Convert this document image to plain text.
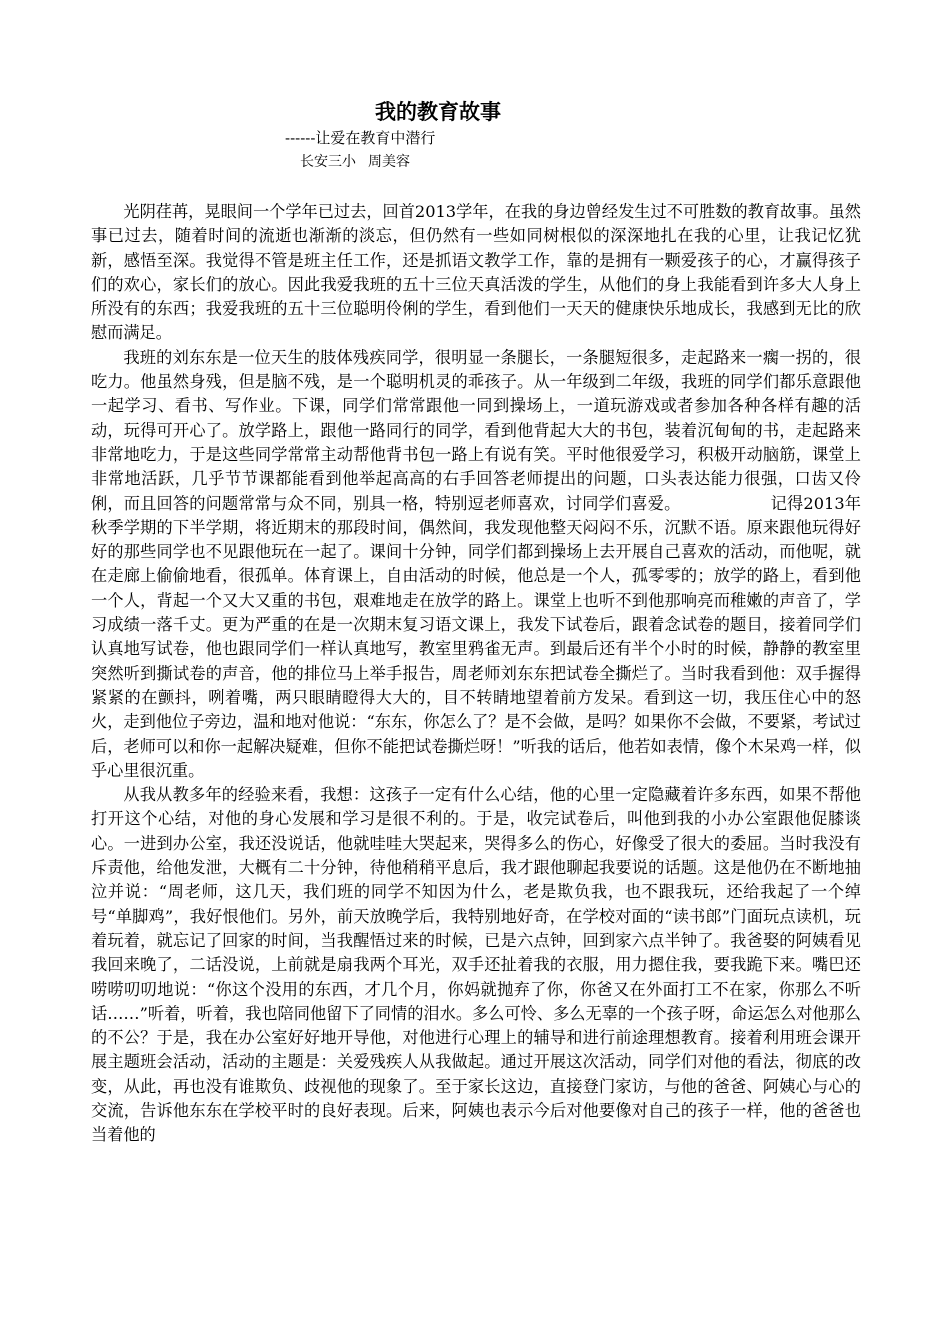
我的教育故事

------让爱在教育中潜行

长安三小 周美容

光阴荏苒，晃眼间一个学年已过去，回首2013学年，在我的身边曾经发生过不可胜数的教育故事。虽然事已过去，随着时间的流逝也渐渐的淡忘，但仍然有一些如同树根似的深深地扎在我的心里，让我记忆犹新，感悟至深。我觉得不管是班主任工作，还是抓语文教学工作，靠的是拥有一颗爱孩子的心，才赢得孩子们的欢心，家长们的放心。因此我爱我班的五十三位天真活泼的学生，从他们的身上我能看到许多大人身上所没有的东西；我爱我班的五十三位聪明伶俐的学生，看到他们一天天的健康快乐地成长，我感到无比的欣慰而满足。

我班的刘东东是一位天生的肢体残疾同学，很明显一条腿长，一条腿短很多，走起路来一瘸一拐的，很吃力。他虽然身残，但是脑不残，是一个聪明机灵的乖孩子。从一年级到二年级，我班的同学们都乐意跟他一起学习、看书、写作业。下课，同学们常常跟他一同到操场上，一道玩游戏或者参加各种各样有趣的活动，玩得可开心了。放学路上，跟他一路同行的同学，看到他背起大大的书包，装着沉甸甸的书，走起路来非常地吃力，于是这些同学常常主动帮他背书包一路上有说有笑。平时他很爱学习，积极开动脑筋，课堂上非常地活跃，几乎节节课都能看到他举起高高的右手回答老师提出的问题，口头表达能力很强，口齿又伶俐，而且回答的问题常常与众不同，别具一格，特别逗老师喜欢，讨同学们喜爱。　　　　　　记得2013年秋季学期的下半学期，将近期末的那段时间，偶然间，我发现他整天闷闷不乐，沉默不语。原来跟他玩得好好的那些同学也不见跟他玩在一起了。课间十分钟，同学们都到操场上去开展自己喜欢的活动，而他呢，就在走廊上偷偷地看，很孤单。体育课上，自由活动的时候，他总是一个人，孤零零的；放学的路上，看到他一个人，背起一个又大又重的书包，艰难地走在放学的路上。课堂上也听不到他那响亮而稚嫩的声音了，学习成绩一落千丈。更为严重的在是一次期末复习语文课上，我发下试卷后，跟着念试卷的题目，接着同学们认真地写试卷，他也跟同学们一样认真地写，教室里鸦雀无声。到最后还有半个小时的时候，静静的教室里突然听到撕试卷的声音，他的排位马上举手报告，周老师刘东东把试卷全撕烂了。当时我看到他：双手握得紧紧的在颤抖，咧着嘴，两只眼睛瞪得大大的，目不转睛地望着前方发呆。看到这一切，我压住心中的怒火，走到他位子旁边，温和地对他说：“东东，你怎么了？是不会做，是吗？如果你不会做，不要紧，考试过后，老师可以和你一起解决疑难，但你不能把试卷撕烂呀！”听我的话后，他若如表情，像个木呆鸡一样，似乎心里很沉重。

从我从教多年的经验来看，我想：这孩子一定有什么心结，他的心里一定隐藏着许多东西，如果不帮他打开这个心结，对他的身心发展和学习是很不利的。于是，收完试卷后，叫他到我的小办公室跟他促膝谈心。一进到办公室，我还没说话，他就哇哇大哭起来，哭得多么的伤心，好像受了很大的委屈。当时我没有斥责他，给他发泄，大概有二十分钟，待他稍稍平息后，我才跟他聊起我要说的话题。这是他仍在不断地抽泣并说：“周老师，这几天，我们班的同学不知因为什么，老是欺负我，也不跟我玩，还给我起了一个绰号“单脚鸡”，我好恨他们。另外，前天放晚学后，我特别地好奇，在学校对面的“读书郎”门面玩点读机，玩着玩着，就忘记了回家的时间，当我醒悟过来的时候，已是六点钟，回到家六点半钟了。我爸娶的阿姨看见我回来晚了，二话没说，上前就是扇我两个耳光，双手还扯着我的衣服，用力摁住我，要我跪下来。嘴巴还唠唠叨叨地说：“你这个没用的东西，才几个月，你妈就抛弃了你，你爸又在外面打工不在家，你那么不听话……”听着，听着，我也陪同他留下了同情的泪水。多么可怜、多么无辜的一个孩子呀，命运怎么对他那么的不公？于是，我在办公室好好地开导他，对他进行心理上的辅导和进行前途理想教育。接着利用班会课开展主题班会活动，活动的主题是：关爱残疾人从我做起。通过开展这次活动，同学们对他的看法，彻底的改变，从此，再也没有谁欺负、歧视他的现象了。至于家长这边，直接登门家访，与他的爸爸、阿姨心与心的交流，告诉他东东在学校平时的良好表现。后来，阿姨也表示今后对他要像对自己的孩子一样，他的爸爸也当着他的
